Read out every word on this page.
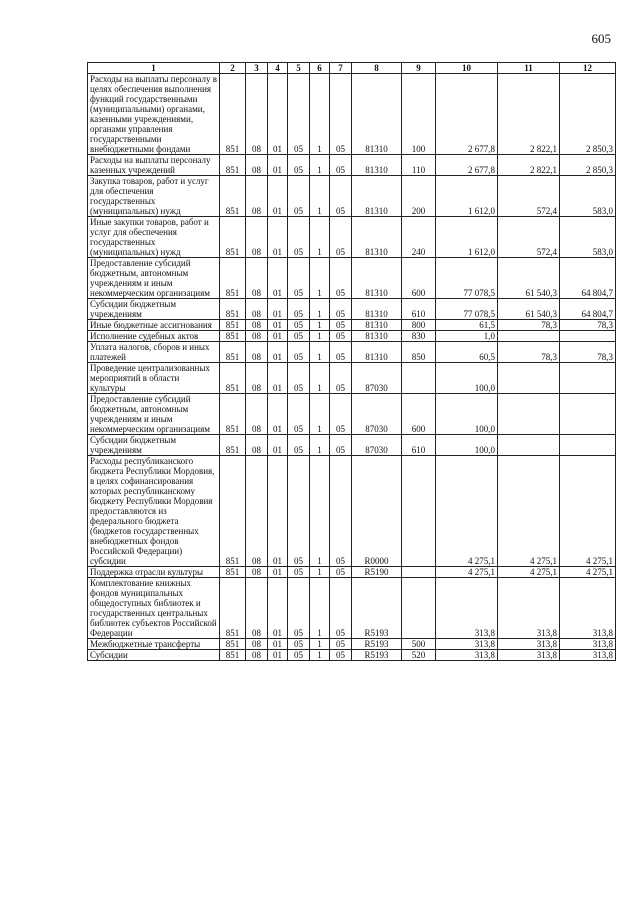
605
1	2	3	4	5	6	7	8	9	10	11	12
Расходы на выплаты персоналу в целях обеспечения выполнения функций государственными (муниципальными) органами, казенными учреждениями, органами управления государственными внебюджетными фондами	851	08	01	05	1	05	81310	100	2 677,8	2 822,1	2 850,3
Расходы на выплаты персоналу казенных учреждений	851	08	01	05	1	05	81310	110	2 677,8	2 822,1	2 850,3
Закупка товаров, работ и услуг для обеспечения государственных (муниципальных) нужд	851	08	01	05	1	05	81310	200	1 612,0	572,4	583,0
Иные закупки товаров, работ и услуг для обеспечения государственных (муниципальных) нужд	851	08	01	05	1	05	81310	240	1 612,0	572,4	583,0
Предоставление субсидий бюджетным, автономным учреждениям и иным некоммерческим организациям	851	08	01	05	1	05	81310	600	77 078,5	61 540,3	64 804,7
Субсидии бюджетным учреждениям	851	08	01	05	1	05	81310	610	77 078,5	61 540,3	64 804,7
Иные бюджетные ассигнования	851	08	01	05	1	05	81310	800	61,5	78,3	78,3
Исполнение судебных актов	851	08	01	05	1	05	81310	830	1,0		
Уплата налогов, сборов и иных платежей	851	08	01	05	1	05	81310	850	60,5	78,3	78,3
Проведение централизованных мероприятий в области культуры	851	08	01	05	1	05	87030		100,0		
Предоставление субсидий бюджетным, автономным учреждениям и иным некоммерческим организациям	851	08	01	05	1	05	87030	600	100,0		
Субсидии бюджетным учреждениям	851	08	01	05	1	05	87030	610	100,0		
Расходы республиканского бюджета Республики Мордовия, в целях софинансирования которых республиканскому бюджету Республики Мордовия предоставляются из федерального бюджета (бюджетов государственных внебюджетных фондов Российской Федерации) субсидии	851	08	01	05	1	05	R0000		4 275,1	4 275,1	4 275,1
Поддержка отрасли культуры	851	08	01	05	1	05	R5190		4 275,1	4 275,1	4 275,1
Комплектование книжных фондов муниципальных общедоступных библиотек и государственных центральных библиотек субъектов Российской Федерации	851	08	01	05	1	05	R5193		313,8	313,8	313,8
Межбюджетные трансферты	851	08	01	05	1	05	R5193	500	313,8	313,8	313,8
Субсидии	851	08	01	05	1	05	R5193	520	313,8	313,8	313,8
